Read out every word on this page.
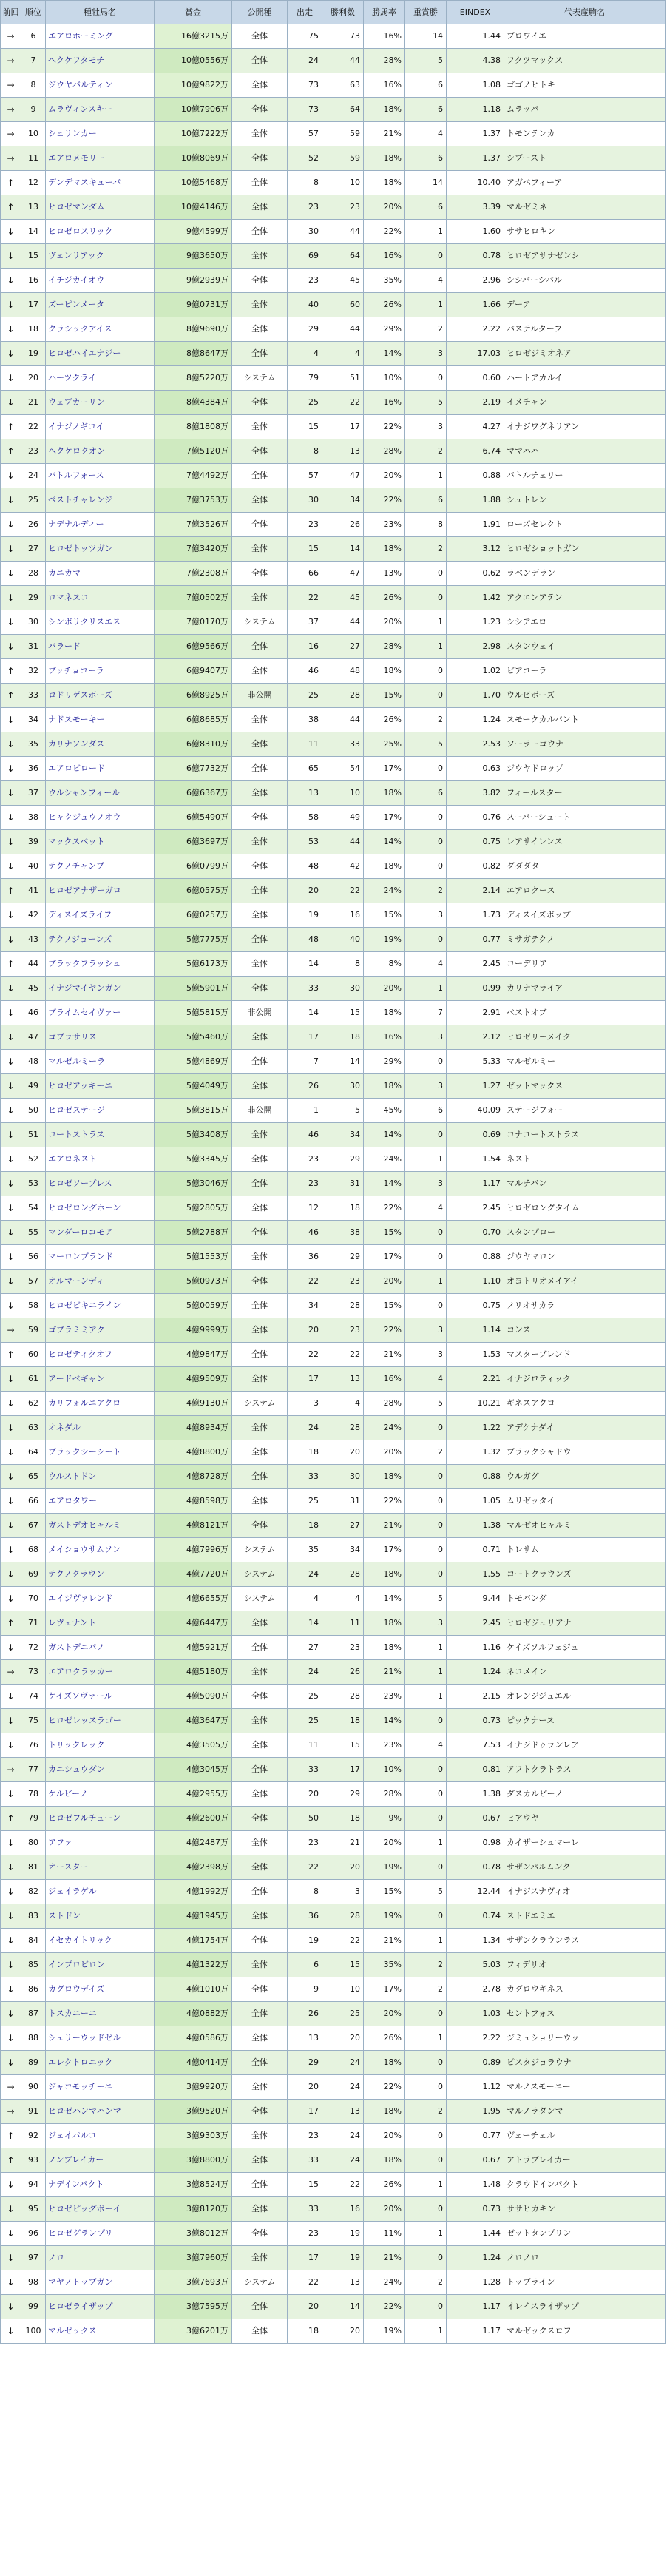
前回	順位	種牡馬名	賞金	公開種	出走	勝利数	勝馬率	重賞勝	EINDEX	代表産駒名
→	6	エアロホーミング	16億3215万	全体	75	73	16%	14	1.44	ブロワイエ
→	7	ヘクケフタモチ	10億0556万	全体	24	44	28%	5	4.38	フクツマックス
→	8	ジウヤバルティン	10億9822万	全体	73	63	16%	6	1.08	ゴゴノヒトキ
→	9	ムラヴィンスキー	10億7906万	全体	73	64	18%	6	1.18	ムラッパ
→	10	シュリンカー	10億7222万	全体	57	59	21%	4	1.37	トモンテンカ
→	11	エアロメモリー	10億8069万	全体	52	59	18%	6	1.37	シブースト
↑	12	デンデマスキューバ	10億5468万	全体	8	10	18%	14	10.40	アガペフィーア
↑	13	ヒロゼマンダム	10億4146万	全体	23	23	20%	6	3.39	マルゼミネ
↓	14	ヒロゼロスリック	9億4599万	全体	30	44	22%	1	1.60	ササヒロキン
↓	15	ヴェンリアック	9億3650万	全体	69	64	16%	0	0.78	ヒロゼアサナゼンシ
↓	16	イチジカイオウ	9億2939万	全体	23	45	35%	4	2.96	シシバーシバル
↓	17	ズーピンメータ	9億0731万	全体	40	60	26%	1	1.66	デーア
↓	18	クラシックアイス	8億9690万	全体	29	44	29%	2	2.22	バステルターフ
↓	19	ヒロゼハイエナジー	8億8647万	全体	4	4	14%	3	17.03	ヒロゼジミオネア
↓	20	ハーツクライ	8億5220万	システム	79	51	10%	0	0.60	ハートアカルイ
↓	21	ウェブカーリン	8億4384万	全体	25	22	16%	5	2.19	イメチャン
↑	22	イナジノギコイ	8億1808万	全体	15	17	22%	3	4.27	イナジワグネリアン
↑	23	ヘクケロクオン	7億5120万	全体	8	13	28%	2	6.74	ママハハ
↓	24	バトルフォース	7億4492万	全体	57	47	20%	1	0.88	バトルチェリー
↓	25	ベストチャレンジ	7億3753万	全体	30	34	22%	6	1.88	シュトレン
↓	26	ナデナルディー	7億3526万	全体	23	26	23%	8	1.91	ローズセレクト
↓	27	ヒロゼトッツガン	7億3420万	全体	15	14	18%	2	3.12	ヒロゼショットガン
↓	28	カニカマ	7億2308万	全体	66	47	13%	0	0.62	ラベンデラン
↓	29	ロマネスコ	7億0502万	全体	22	45	26%	0	1.42	アクエンアテン
↓	30	シンボリクリスエス	7億0170万	システム	37	44	20%	1	1.23	シシアエロ
↓	31	バラード	6億9566万	全体	16	27	28%	1	2.98	スタンウェイ
↑	32	ブッチョコーラ	6億9407万	全体	46	48	18%	0	1.02	ビアコーラ
↑	33	ロドリゲスボーズ	6億8925万	非公開	25	28	15%	0	1.70	ウルビボーズ
↓	34	ナドスモーキー	6億8685万	全体	38	44	26%	2	1.24	スモークカルバント
↓	35	カリナソンダス	6億8310万	全体	11	33	25%	5	2.53	ソーラーゴウナ
↓	36	エアロビロード	6億7732万	全体	65	54	17%	0	0.63	ジウヤドロップ
↓	37	ウルシャンフィール	6億6367万	全体	13	10	18%	6	3.82	フィールスター
↓	38	ヒャクジュウノオウ	6億5490万	全体	58	49	17%	0	0.76	スーパーシュート
↓	39	マックスベット	6億3697万	全体	53	44	14%	0	0.75	レアサイレンス
↓	40	テクノチャンプ	6億0799万	全体	48	42	18%	0	0.82	ダダダタ
↑	41	ヒロゼアナザーガロ	6億0575万	全体	20	22	24%	2	2.14	エアロクース
↓	42	ディスイズライフ	6億0257万	全体	19	16	15%	3	1.73	ディスイズボッブ
↓	43	テクノジョーンズ	5億7775万	全体	48	40	19%	0	0.77	ミサガテクノ
↑	44	ブラックフラッシュ	5億6173万	全体	14	8	8%	4	2.45	コーデリア
↓	45	イナジマイヤンガン	5億5901万	全体	33	30	20%	1	0.99	カリナマライア
↓	46	ブライムセイヴァー	5億5815万	非公開	14	15	18%	7	2.91	ベストオブ
↓	47	ゴブラサリス	5億5460万	全体	17	18	16%	3	2.12	ヒロゼリーメイク
↓	48	マルゼルミーラ	5億4869万	全体	7	14	29%	0	5.33	マルゼルミー
↓	49	ヒロゼアッキーニ	5億4049万	全体	26	30	18%	3	1.27	ゼットマックス
↓	50	ヒロゼステージ	5億3815万	非公開	1	5	45%	6	40.09	ステージフォー
↓	51	コートストラス	5億3408万	全体	46	34	14%	0	0.69	コナコートストラス
↓	52	エアロネスト	5億3345万	全体	23	29	24%	1	1.54	ネスト
↓	53	ヒロゼソーブレス	5億3046万	全体	23	31	14%	3	1.17	マルチバン
↓	54	ヒロゼロングホーン	5億2805万	全体	12	18	22%	4	2.45	ヒロゼロングタイム
↓	55	マンダーロコモア	5億2788万	全体	46	38	15%	0	0.70	スタンブロー
↓	56	マーロンブランド	5億1553万	全体	36	29	17%	0	0.88	ジウヤマロン
↓	57	オルマーンディ	5億0973万	全体	22	23	20%	1	1.10	オヨトリオメイアイ
↓	58	ヒロゼビキニライン	5億0059万	全体	34	28	15%	0	0.75	ノリオサカラ
→	59	ゴブラミミアク	4億9999万	全体	20	23	22%	3	1.14	コンス
↑	60	ヒロゼティクオフ	4億9847万	全体	22	22	21%	3	1.53	マスターブレンド
↓	61	アードベギャン	4億9509万	全体	17	13	16%	4	2.21	イナジロティック
↓	62	カリフォルニアクロ	4億9130万	システム	3	4	28%	5	10.21	ギネスアクロ
↓	63	オネダル	4億8934万	全体	24	28	24%	0	1.22	アデケナダイ
↓	64	ブラックシーシート	4億8800万	全体	18	20	20%	2	1.32	ブラックシャドウ
↓	65	ウルストドン	4億8728万	全体	33	30	18%	0	0.88	ウルガグ
↓	66	エアロタワー	4億8598万	全体	25	31	22%	0	1.05	ムリゼッタイ
↓	67	ガストデオヒャルミ	4億8121万	全体	18	27	21%	0	1.38	マルゼオヒャルミ
↓	68	メイショウサムソン	4億7996万	システム	35	34	17%	0	0.71	トレサム
↓	69	テクノクラウン	4億7720万	システム	24	28	18%	0	1.55	コートクラウンズ
↓	70	エイジヴァレンド	4億6655万	システム	4	4	14%	5	9.44	トモバンダ
↑	71	レヴェナント	4億6447万	全体	14	11	18%	3	2.45	ヒロゼジュリアナ
↓	72	ガストデニパノ	4億5921万	全体	27	23	18%	1	1.16	ケイズソルフェジュ
→	73	エアロクラッカー	4億5180万	全体	24	26	21%	1	1.24	ネコメイン
↓	74	ケイズソヴァール	4億5090万	全体	25	28	23%	1	2.15	オレンジジュエル
↓	75	ヒロゼレッスラゴー	4億3647万	全体	25	18	14%	0	0.73	ピックナース
↓	76	トリックレック	4億3505万	全体	11	15	23%	4	7.53	イナジドゥランレア
→	77	カニシュウダン	4億3045万	全体	33	17	10%	0	0.81	アフトクラトラス
↓	78	ケルビーノ	4億2955万	全体	20	29	28%	0	1.38	ダスカルピーノ
↑	79	ヒロゼフルチューン	4億2600万	全体	50	18	9%	0	0.67	ヒアウヤ
↓	80	アファ	4億2487万	全体	23	21	20%	1	0.98	カイザーシュマーレ
↓	81	オースター	4億2398万	全体	22	20	19%	0	0.78	サザンパルムンク
↓	82	ジェイラゲル	4億1992万	全体	8	3	15%	5	12.44	イナジスナヴィオ
↓	83	ストドン	4億1945万	全体	36	28	19%	0	0.74	ストドエミエ
↓	84	イセカイトリック	4億1754万	全体	19	22	21%	1	1.34	サザンクラウンラス
↓	85	インプロビロン	4億1322万	全体	6	15	35%	2	5.03	フィデリオ
↓	86	カグロウデイズ	4億1010万	全体	9	10	17%	2	2.78	カグロウギネス
↓	87	トスカニーニ	4億0882万	全体	26	25	20%	0	1.03	セントフォス
↓	88	シェリーウッドゼル	4億0586万	全体	13	20	26%	1	2.22	ジミュショリーウッ
↓	89	エレクトロニック	4億0414万	全体	29	24	18%	0	0.89	ピスタジョラウナ
→	90	ジャコモッチーニ	3億9920万	全体	20	24	22%	0	1.12	マルノスモーニー
→	91	ヒロゼハンマハンマ	3億9520万	全体	17	13	18%	2	1.95	マルノラダンマ
↑	92	ジェイパルコ	3億9303万	全体	23	24	20%	0	0.77	ヴェーチェル
↑	93	ノンブレイカー	3億8800万	全体	33	24	18%	0	0.67	アトラブレイカー
↓	94	ナデインパクト	3億8524万	全体	15	22	26%	1	1.48	クラウドインパクト
↓	95	ヒロゼピッグボーイ	3億8120万	全体	33	16	20%	0	0.73	ササヒカキン
↓	96	ヒロゼグランプリ	3億8012万	全体	23	19	11%	1	1.44	ゼットタンプリン
↓	97	ノロ	3億7960万	全体	17	19	21%	0	1.24	ノロノロ
↓	98	マヤノトップガン	3億7693万	システム	22	13	24%	2	1.28	トップライン
↓	99	ヒロゼライザップ	3億7595万	全体	20	14	22%	0	1.17	イレイスライザップ
↓	100	マルゼックス	3億6201万	全体	18	20	19%	1	1.17	マルゼックスロフ
